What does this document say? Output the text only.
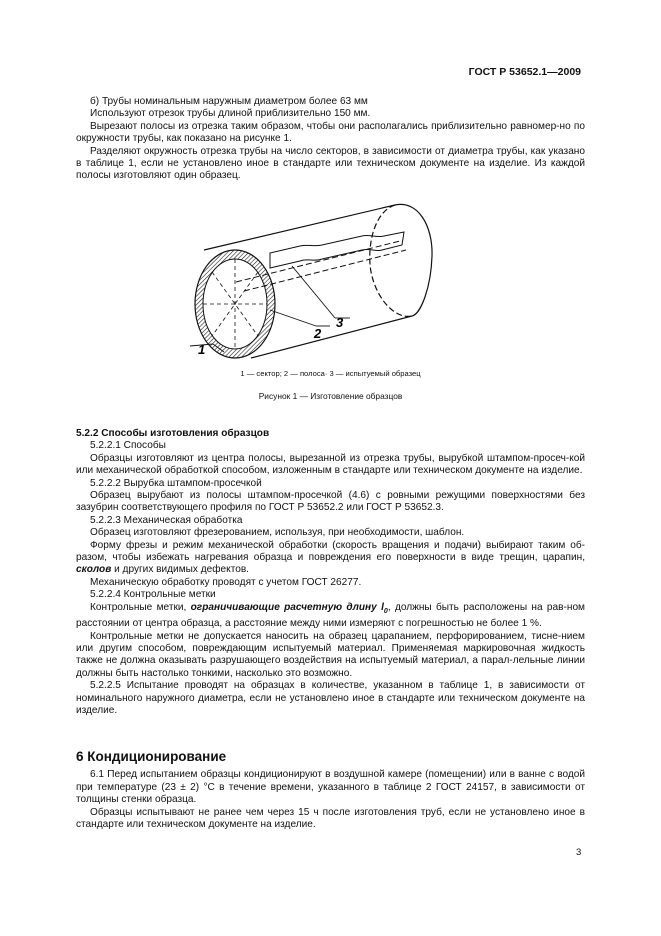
ГОСТ Р 53652.1—2009

б) Трубы номинальным наружным диаметром более 63 мм

Используют отрезок трубы длиной приблизительно 150 мм.

Вырезают полосы из отрезка таким образом, чтобы они располагались приблизительно равномер-но по окружности трубы, как показано на рисунке 1.

Разделяют окружность отрезка трубы на число секторов, в зависимости от диаметра трубы, как указано в таблице 1, если не установлено иное в стандарте или техническом документе на изделие. Из каждой полосы изготовляют один образец.

1
2
3
1 — сектор; 2 — полоса· 3 — испытуемый образец
Рисунок 1 — Изготовление образцов

5.2.2 Способы изготовления образцов

5.2.2.1 Способы

Образцы изготовляют из центра полосы, вырезанной из отрезка трубы, вырубкой штампом-просеч-кой или механической обработкой способом, изложенным в стандарте или техническом документе на изделие.

5.2.2.2 Вырубка штампом-просечкой

Образец вырубают из полосы штампом-просечкой (4.6) с ровными режущими поверхностями без зазубрин соответствующего профиля по ГОСТ Р 53652.2 или ГОСТ Р 53652.3.

5.2.2.3 Механическая обработка

Образец изготовляют фрезерованием, используя, при необходимости, шаблон.

Форму фрезы и режим механической обработки (скорость вращения и подачи) выбирают таким об-разом, чтобы избежать нагревания образца и повреждения его поверхности в виде трещин, царапин, сколов и других видимых дефектов.

Механическую обработку проводят с учетом ГОСТ 26277.

5.2.2.4 Контрольные метки

Контрольные метки, ограничивающие расчетную длину $l_0$, должны быть расположены на рав-ном расстоянии от центра образца, а расстояние между ними измеряют с погрешностью не более 1 %.

Контрольные метки не допускается наносить на образец царапанием, перфорированием, тисне-нием или другим способом, повреждающим испытуемый материал. Применяемая маркировочная жидкость также не должна оказывать разрушающего воздействия на испытуемый материал, а парал-лельные линии должны быть настолько тонкими, насколько это возможно.

5.2.2.5 Испытание проводят на образцах в количестве, указанном в таблице 1, в зависимости от номинального наружного диаметра, если не установлено иное в стандарте или техническом документе на изделие.

6 Кондиционирование

6.1 Перед испытанием образцы кондиционируют в воздушной камере (помещении) или в ванне с водой при температуре (23 ± 2) °С в течение времени, указанного в таблице 2 ГОСТ 24157, в зависимости от толщины стенки образца.

Образцы испытывают не ранее чем через 15 ч после изготовления труб, если не установлено иное в стандарте или техническом документе на изделие.

3
